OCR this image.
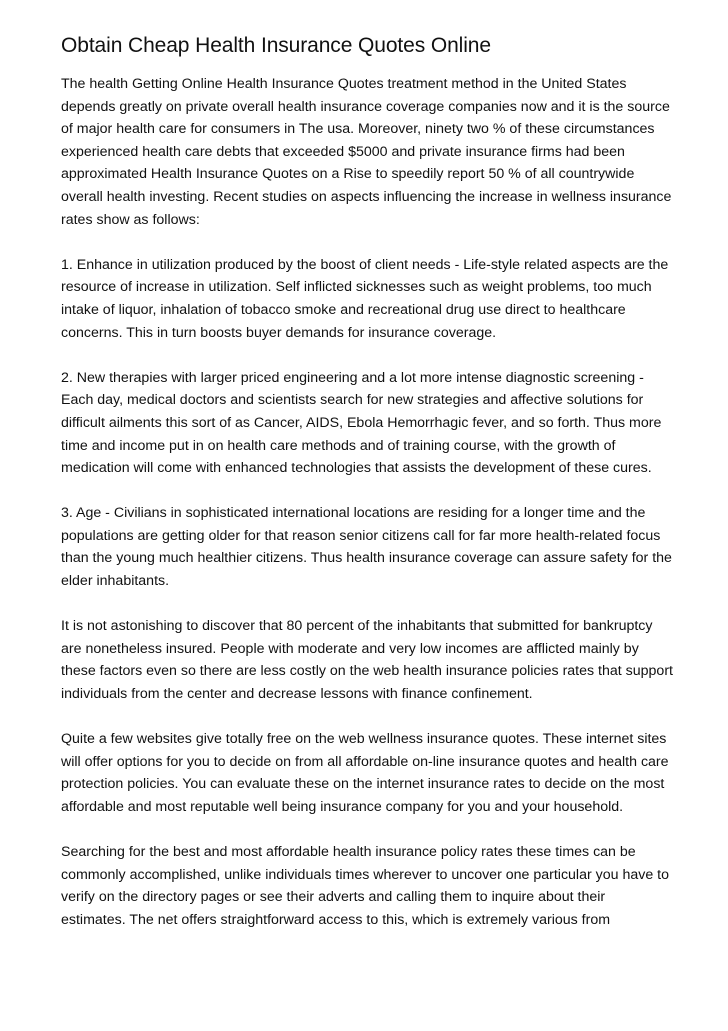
Obtain Cheap Health Insurance Quotes Online

The health Getting Online Health Insurance Quotes treatment method in the United States depends greatly on private overall health insurance coverage companies now and it is the source of major health care for consumers in The usa. Moreover, ninety two % of these circumstances experienced health care debts that exceeded $5000 and private insurance firms had been approximated Health Insurance Quotes on a Rise to speedily report 50 % of all countrywide overall health investing. Recent studies on aspects influencing the increase in wellness insurance rates show as follows:

1. Enhance in utilization produced by the boost of client needs - Life-style related aspects are the resource of increase in utilization. Self inflicted sicknesses such as weight problems, too much intake of liquor, inhalation of tobacco smoke and recreational drug use direct to healthcare concerns. This in turn boosts buyer demands for insurance coverage.

2. New therapies with larger priced engineering and a lot more intense diagnostic screening - Each day, medical doctors and scientists search for new strategies and affective solutions for difficult ailments this sort of as Cancer, AIDS, Ebola Hemorrhagic fever, and so forth. Thus more time and income put in on health care methods and of training course, with the growth of medication will come with enhanced technologies that assists the development of these cures.

3. Age - Civilians in sophisticated international locations are residing for a longer time and the populations are getting older for that reason senior citizens call for far more health-related focus than the young much healthier citizens. Thus health insurance coverage can assure safety for the elder inhabitants.

It is not astonishing to discover that 80 percent of the inhabitants that submitted for bankruptcy are nonetheless insured. People with moderate and very low incomes are afflicted mainly by these factors even so there are less costly on the web health insurance policies rates that support individuals from the center and decrease lessons with finance confinement.

Quite a few websites give totally free on the web wellness insurance quotes. These internet sites will offer options for you to decide on from all affordable on-line insurance quotes and health care protection policies. You can evaluate these on the internet insurance rates to decide on the most affordable and most reputable well being insurance company for you and your household.

Searching for the best and most affordable health insurance policy rates these times can be commonly accomplished, unlike individuals times wherever to uncover one particular you have to verify on the directory pages or see their adverts and calling them to inquire about their estimates. The net offers straightforward access to this, which is extremely various from
